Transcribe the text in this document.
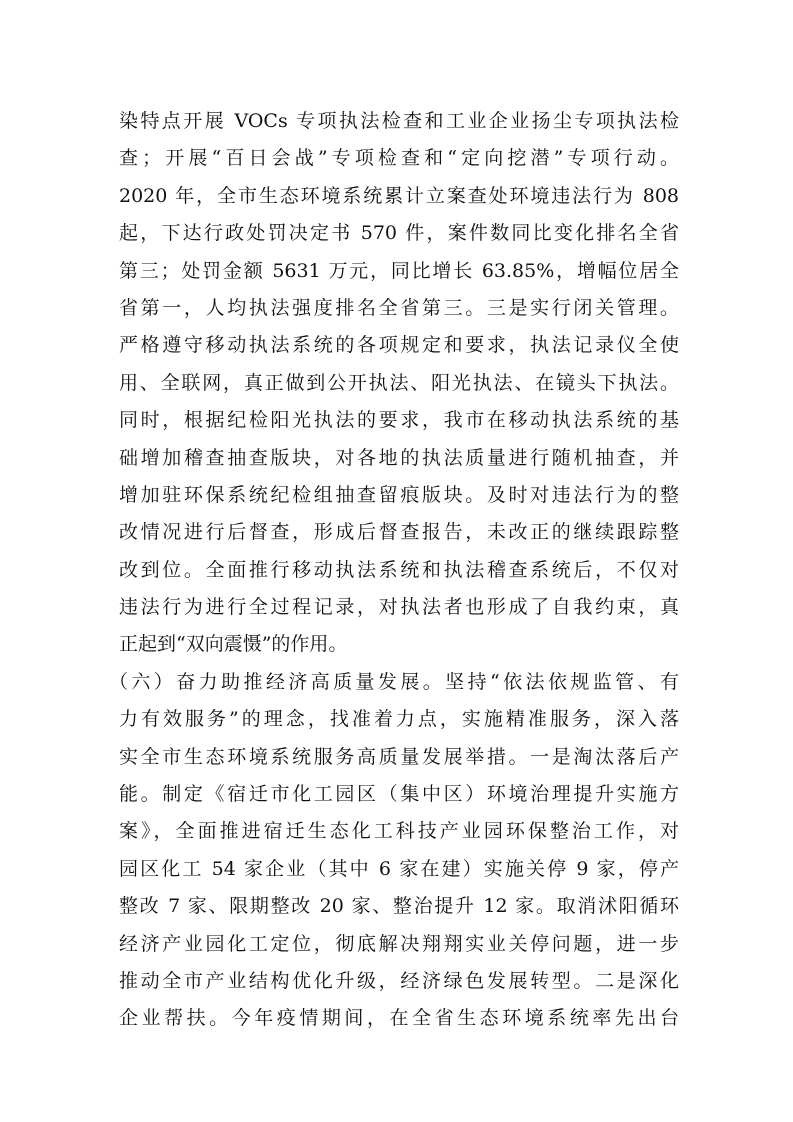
染特点开展 VOCs 专项执法检查和工业企业扬尘专项执法检
查；开展“百日会战”专项检查和“定向挖潜”专项行动。
2020 年，全市生态环境系统累计立案查处环境违法行为 808
起，下达行政处罚决定书 570 件，案件数同比变化排名全省
第三；处罚金额 5631 万元，同比增长 63.85%，增幅位居全
省第一，人均执法强度排名全省第三。三是实行闭关管理。
严格遵守移动执法系统的各项规定和要求，执法记录仪全使
用、全联网，真正做到公开执法、阳光执法、在镜头下执法。
同时，根据纪检阳光执法的要求，我市在移动执法系统的基
础增加稽查抽查版块，对各地的执法质量进行随机抽查，并
增加驻环保系统纪检组抽查留痕版块。及时对违法行为的整
改情况进行后督查，形成后督查报告，未改正的继续跟踪整
改到位。全面推行移动执法系统和执法稽查系统后，不仅对
违法行为进行全过程记录，对执法者也形成了自我约束，真
正起到“双向震慑”的作用。
（六）奋力助推经济高质量发展。坚持“依法依规监管、有
力有效服务”的理念，找准着力点，实施精准服务，深入落
实全市生态环境系统服务高质量发展举措。一是淘汰落后产
能。制定《宿迁市化工园区（集中区）环境治理提升实施方
案》，全面推进宿迁生态化工科技产业园环保整治工作，对
园区化工 54 家企业（其中 6 家在建）实施关停 9 家，停产
整改 7 家、限期整改 20 家、整治提升 12 家。取消沭阳循环
经济产业园化工定位，彻底解决翔翔实业关停问题，进一步
推动全市产业结构优化升级，经济绿色发展转型。二是深化
企业帮扶。今年疫情期间，在全省生态环境系统率先出台
